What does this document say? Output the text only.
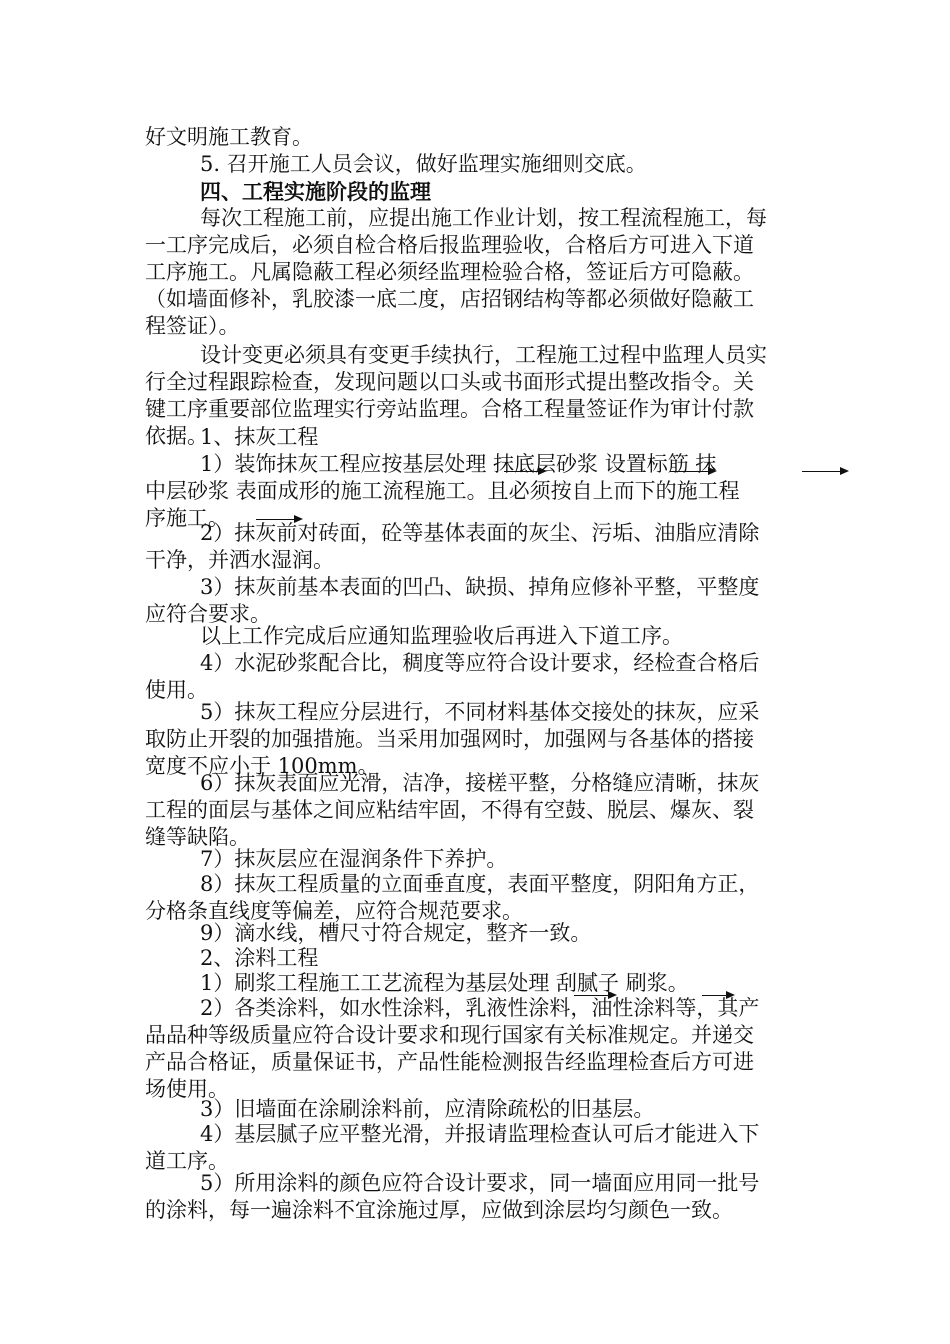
好文明施工教育。

5. 召开施工人员会议，做好监理实施细则交底。

四、工程实施阶段的监理

每次工程施工前，应提出施工作业计划，按工程流程施工，每
一工序完成后，必须自检合格后报监理验收，合格后方可进入下道
工序施工。凡属隐蔽工程必须经监理检验合格，签证后方可隐蔽。
（如墙面修补，乳胶漆一底二度，店招钢结构等都必须做好隐蔽工
程签证）。

设计变更必须具有变更手续执行，工程施工过程中监理人员实
行全过程跟踪检查，发现问题以口头或书面形式提出整改指令。关
键工序重要部位监理实行旁站监理。合格工程量签证作为审计付款
依据。

1、抹灰工程

1）装饰抹灰工程应按基层处理 抹底层砂浆 设置标筋 抹
中层砂浆 表面成形的施工流程施工。且必须按自上而下的施工程
序施工。

2）抹灰前对砖面，砼等基体表面的灰尘、污垢、油脂应清除
干净，并洒水湿润。

3）抹灰前基本表面的凹凸、缺损、掉角应修补平整，平整度
应符合要求。

以上工作完成后应通知监理验收后再进入下道工序。

4）水泥砂浆配合比，稠度等应符合设计要求，经检查合格后
使用。

5）抹灰工程应分层进行，不同材料基体交接处的抹灰，应采
取防止开裂的加强措施。当采用加强网时，加强网与各基体的搭接
宽度不应小于 100mm。

6）抹灰表面应光滑，洁净，接槎平整，分格缝应清晰，抹灰
工程的面层与基体之间应粘结牢固，不得有空鼓、脱层、爆灰、裂
缝等缺陷。

7）抹灰层应在湿润条件下养护。

8）抹灰工程质量的立面垂直度，表面平整度，阴阳角方正，
分格条直线度等偏差，应符合规范要求。

9）滴水线，槽尺寸符合规定，整齐一致。

2、涂料工程

1）刷浆工程施工工艺流程为基层处理 刮腻子 刷浆。

2）各类涂料，如水性涂料，乳液性涂料，油性涂料等，其产
品品种等级质量应符合设计要求和现行国家有关标准规定。并递交
产品合格证，质量保证书，产品性能检测报告经监理检查后方可进
场使用。

3）旧墙面在涂刷涂料前，应清除疏松的旧基层。

4）基层腻子应平整光滑，并报请监理检查认可后才能进入下
道工序。

5）所用涂料的颜色应符合设计要求，同一墙面应用同一批号
的涂料，每一遍涂料不宜涂施过厚，应做到涂层均匀颜色一致。
